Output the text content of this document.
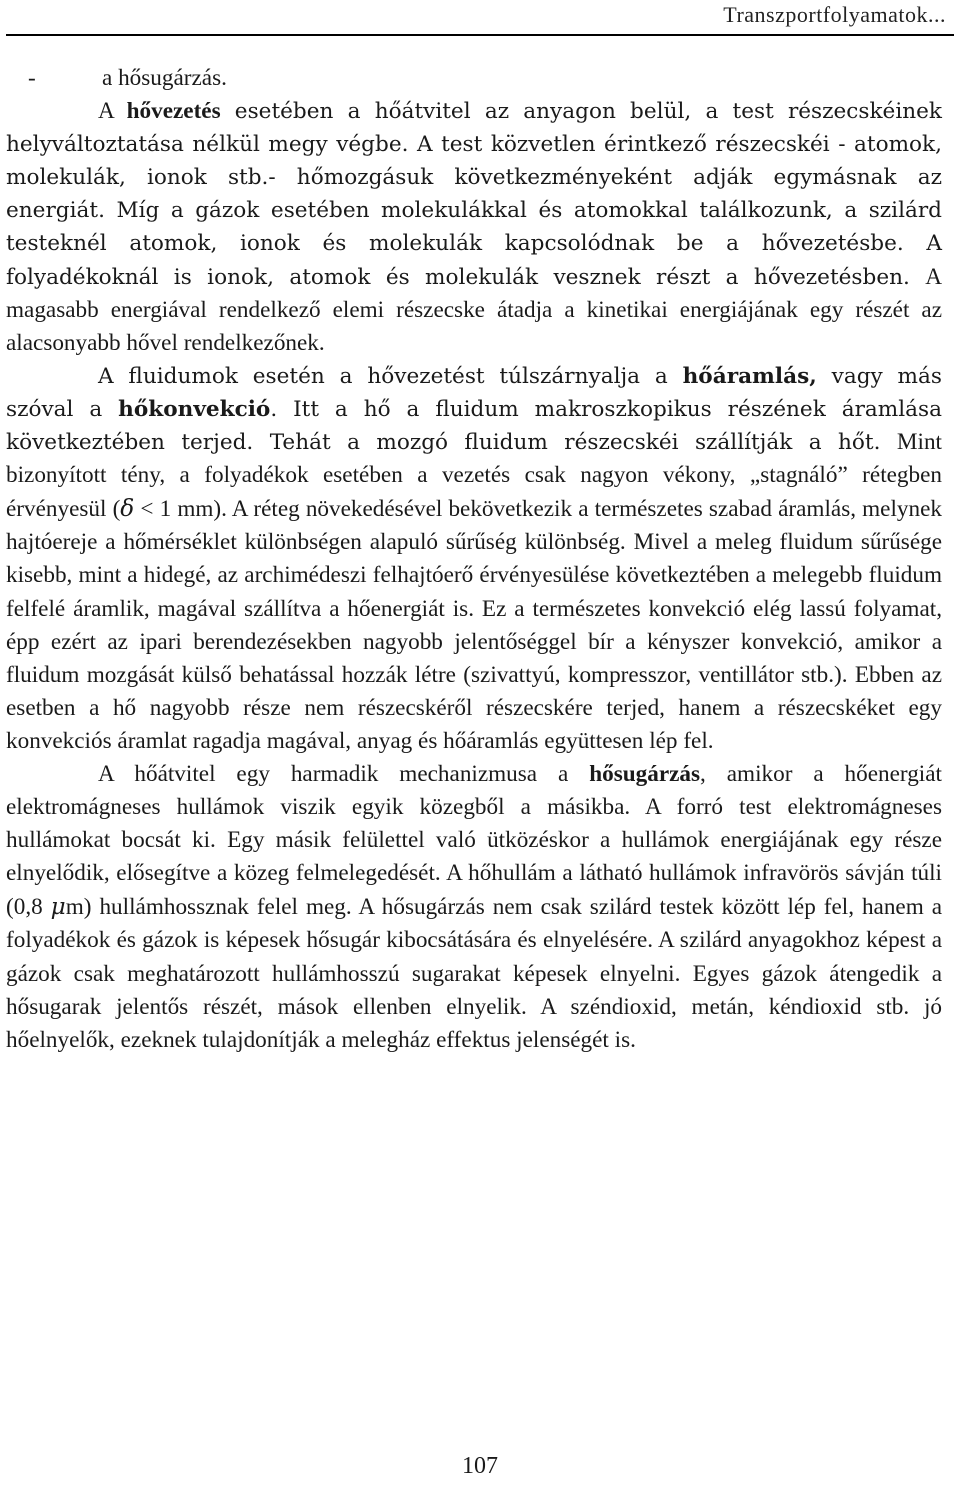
Transzportfolyamatok...

-	a hősugárzás.

A hővezetés esetében a hőátvitel az anyagon belül, a test részecskéinek helyváltoztatása nélkül megy végbe. A test közvetlen érintkező részecskéi - atomok, molekulák, ionok stb.- hőmozgásuk következményeként adják egymásnak az energiát. Míg a gázok esetében molekulákkal és atomokkal találkozunk, a szilárd testeknél atomok, ionok és molekulák kapcsolódnak be a hővezetésbe. A folyadékoknál is ionok, atomok és molekulák vesznek részt a hővezetésben. A magasabb energiával rendelkező elemi részecske átadja a kinetikai energiájának egy részét az alacsonyabb hővel rendelkezőnek.

A fluidumok esetén a hővezetést túlszárnyalja a hőáramlás, vagy más szóval a hőkonvekció. Itt a hő a fluidum makroszkopikus részének áramlása következtében terjed. Tehát a mozgó fluidum részecskéi szállítják a hőt. Mint bizonyított tény, a folyadékok esetében a vezetés csak nagyon vékony, „stagnáló” rétegben érvényesül (δ < 1 mm). A réteg növekedésével bekövetkezik a természetes szabad áramlás, melynek hajtóereje a hőmérséklet különbségen alapuló sűrűség különbség. Mivel a meleg fluidum sűrűsége kisebb, mint a hidegé, az archimédeszi felhajtóerő érvényesülése következtében a melegebb fluidum felfelé áramlik, magával szállítva a hőenergiát is. Ez a természetes konvekció elég lassú folyamat, épp ezért az ipari berendezésekben nagyobb jelentőséggel bír a kényszer konvekció, amikor a fluidum mozgását külső behatással hozzák létre (szivattyú, kompresszor, ventillátor stb.). Ebben az esetben a hő nagyobb része nem részecskéről részecskére terjed, hanem a részecskéket egy konvekciós áramlat ragadja magával, anyag és hőáramlás együttesen lép fel.

A hőátvitel egy harmadik mechanizmusa a hősugárzás, amikor a hőenergiát elektromágneses hullámok viszik egyik közegből a másikba. A forró test elektromágneses hullámokat bocsát ki. Egy másik felülettel való ütközéskor a hullámok energiájának egy része elnyelődik, elősegítve a közeg felmelegedését. A hőhullám a látható hullámok infravörös sávján túli (0,8 μm) hullámhossznak felel meg. A hősugárzás nem csak szilárd testek között lép fel, hanem a folyadékok és gázok is képesek hősugár kibocsátására és elnyelésére. A szilárd anyagokhoz képest a gázok csak meghatározott hullámhosszú sugarakat képesek elnyelni. Egyes gázok átengedik a hősugarak jelentős részét, mások ellenben elnyelik. A széndioxid, metán, kéndioxid stb. jó hőelnyelők, ezeknek tulajdonítják a melegház effektus jelenségét is.

107
